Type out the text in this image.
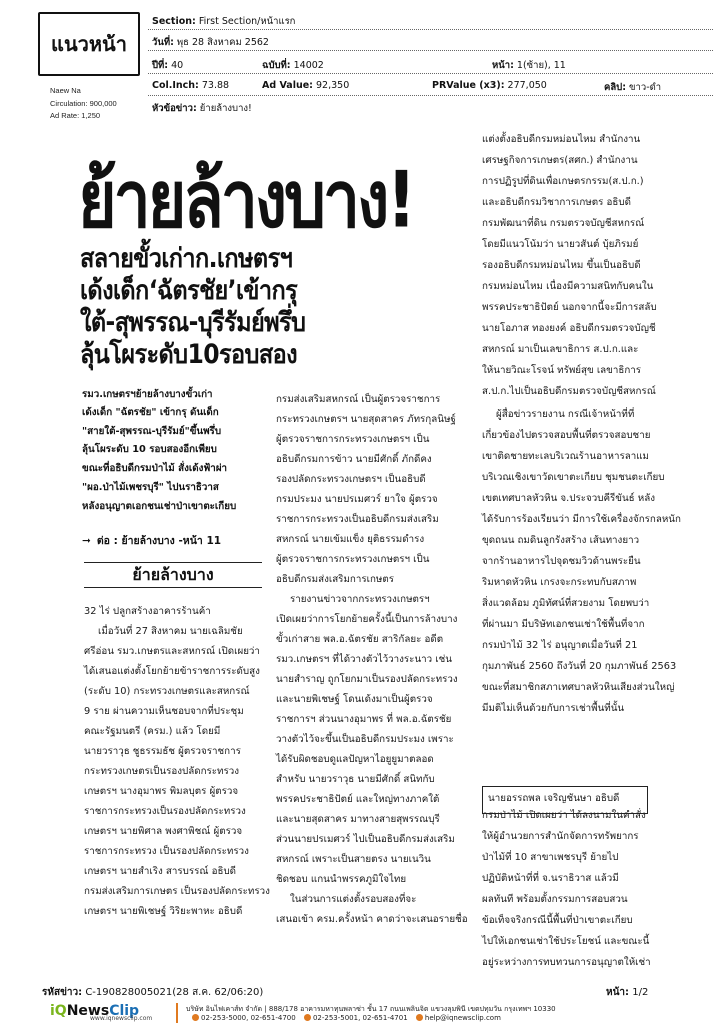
แนวหน้า
Naew Na
Circulation: 900,000
Ad Rate: 1,250
Section: First Section/หน้าแรก
วันที่: พุธ 28 สิงหาคม 2562
ปีที่: 40	ฉบับที่: 14002	หน้า: 1(ซ้าย), 11
Col.Inch: 73.88	Ad Value: 92,350	PRValue (x3): 277,050	คลิป: ขาว-ดำ
หัวข้อข่าว: ย้ายล้างบาง!
ย้ายล้างบาง!
สลายขั้วเก่าก.เกษตรฯ
เด้งเด็ก‘ฉัตรชัย’เข้ากรุ
ใต้-สุพรรณ-บุรีรัมย์พรึ่บ
ลุ้นโผระดับ10รอบสอง
รมว.เกษตรฯย้ายล้างบางขั้วเก่า
เด้งเด็ก "ฉัตรชัย" เข้ากรุ ดันเด็ก
"สายใต้-สุพรรณ-บุรีรัมย์"ขึ้นพรึ่บ
ลุ้นโผระดับ 10 รอบสองอีกเพียบ
ขณะที่อธิบดีกรมป่าไม้ สั่งเด้งฟ้าผ่า
"ผอ.ป่าไม้เพชรบุรี" ไปนราธิวาส
หลังอนุญาตเอกชนเช่าป่าเขาตะเกียบ
➞ ต่อ : ย้ายล้างบาง -หน้า 11
ย้ายล้างบาง
32 ไร่ ปลูกสร้างอาคารร้านค้า
เมื่อวันที่ 27 สิงหาคม นายเฉลิมชัย
ศรีอ่อน รมว.เกษตรและสหกรณ์ เปิดเผยว่า
ได้เสนอแต่งตั้งโยกย้ายข้าราชการระดับสูง
(ระดับ 10) กระทรวงเกษตรและสหกรณ์
9 ราย ผ่านความเห็นชอบจากที่ประชุม
คณะรัฐมนตรี (ครม.) แล้ว โดยมี
นายวราวุธ ชูธรรมธัช ผู้ตรวจราชการ
กระทรวงเกษตรเป็นรองปลัดกระทรวง
เกษตรฯ นางอุมาพร พิมลบุตร ผู้ตรวจ
ราชการกระทรวงเป็นรองปลัดกระทรวง
เกษตรฯ นายพิศาล พงศาพิชณ์ ผู้ตรวจ
ราชการกระทรวง เป็นรองปลัดกระทรวง
เกษตรฯ นายสำเริง สารบรรณ์ อธิบดี
กรมส่งเสริมการเกษตร เป็นรองปลัดกระทรวง
เกษตรฯ นายพิเชษฐ์ วิริยะพาหะ อธิบดี
กรมส่งเสริมสหกรณ์ เป็นผู้ตรวจราชการ
กระทรวงเกษตรฯ นายสุดสาคร ภัทรกุลนิษฐ์
ผู้ตรวจราชการกระทรวงเกษตรฯ เป็น
อธิบดีกรมการข้าว นายมีศักดิ์ ภักดีคง
รองปลัดกระทรวงเกษตรฯ เป็นอธิบดี
กรมประมง นายปรเมศวร์ ยาใจ ผู้ตรวจ
ราชการกระทรวงเป็นอธิบดีกรมส่งเสริม
สหกรณ์ นายเข้มแข็ง ยุติธรรมดำรง
ผู้ตรวจราชการกระทรวงเกษตรฯ เป็น
อธิบดีกรมส่งเสริมการเกษตร
รายงานข่าวจากกระทรวงเกษตรฯ
เปิดเผยว่าการโยกย้ายครั้งนี้เป็นการล้างบาง
ขั้วเก่าสาย พล.อ.ฉัตรชัย สาริกัลยะ อดีต
รมว.เกษตรฯ ที่ได้วางตัวไว้วางระนาว เช่น
นายสำราญ ถูกโยกมาเป็นรองปลัดกระทรวง
และนายพิเชษฐ์ โดนเด้งมาเป็นผู้ตรวจ
ราชการฯ ส่วนนางอุมาพร ที่ พล.อ.ฉัตรชัย
วางตัวไว้จะขึ้นเป็นอธิบดีกรมประมง เพราะ
ได้รับผิดชอบดูแลปัญหาไอยูยูมาตลอด
สำหรับ นายวราวุธ นายมีศักดิ์ สนิทกับ
พรรคประชาธิปัตย์ และใหญ่ทางภาคใต้
และนายสุดสาคร มาทางสายสุพรรณบุรี
ส่วนนายปรเมศวร์ ไปเป็นอธิบดีกรมส่งเสริม
สหกรณ์ เพราะเป็นสายตรง นายเนวิน
ชิดชอบ แกนนำพรรคภูมิใจไทย
ในส่วนการแต่งตั้งรอบสองที่จะ
เสนอเข้า ครม.ครั้งหน้า คาดว่าจะเสนอรายชื่อ
แต่งตั้งอธิบดีกรมหม่อนไหม สำนักงาน
เศรษฐกิจการเกษตร(สศก.) สำนักงาน
การปฏิรูปที่ดินเพื่อเกษตรกรรม(ส.ป.ก.)
และอธิบดีกรมวิชาการเกษตร อธิบดี
กรมพัฒนาที่ดิน กรมตรวจบัญชีสหกรณ์
โดยมีแนวโน้มว่า นายวสันต์ บุ้ยภิรมย์
รองอธิบดีกรมหม่อนไหม ขึ้นเป็นอธิบดี
กรมหม่อนไหม เนื่องมีความสนิทกับคนใน
พรรคประชาธิปัตย์ นอกจากนี้จะมีการสลับ
นายโอภาส ทองยงค์ อธิบดีกรมตรวจบัญชี
สหกรณ์ มาเป็นเลขาธิการ ส.ป.ก.และ
ให้นายวิณะโรจน์ ทรัพย์สุข เลขาธิการ
ส.ป.ก.ไปเป็นอธิบดีกรมตรวจบัญชีสหกรณ์
ผู้สื่อข่าวรายงาน กรณีเจ้าหน้าที่ที่
เกี่ยวข้องไปตรวจสอบพื้นที่ตรวจสอบชาย
เขาติดชายทะเลบริเวณร้านอาหารลาแม
บริเวณเชิงเขาวัดเขาตะเกียบ ชุมชนตะเกียบ
เขตเทศบาลหัวหิน จ.ประจวบคีรีขันธ์ หลัง
ได้รับการร้องเรียนว่า มีการใช้เครื่องจักรกลหนัก
ขุดถนน ถมดินลูกรังสร้าง เส้นทางยาว
จากร้านอาหารไปจุดชมวิวด้านพระยืน
ริมหาดหัวหิน เกรงจะกระทบกับสภาพ
สิ่งแวดล้อม ภูมิทัศน์ที่สวยงาม โดยพบว่า
ที่ผ่านมา มีบริษัทเอกชนเช่าใช้พื้นที่จาก
กรมป่าไม้ 32 ไร่ อนุญาตเมื่อวันที่ 21
กุมภาพันธ์ 2560 ถึงวันที่ 20 กุมภาพันธ์ 2563
ขณะที่สมาชิกสภาเทศบาลหัวหินเสียงส่วนใหญ่
มีมติไม่เห็นด้วยกับการเช่าพื้นที่นั้น
นายอรรถพล เจริญชันษา อธิบดี
กรมป่าไม้ เปิดเผยว่า ได้ลงนามในคำสั่ง
ให้ผู้อำนวยการสำนักจัดการทรัพยากร
ป่าไม้ที่ 10 สาขาเพชรบุรี ย้ายไป
ปฏิบัติหน้าที่ที่ จ.นราธิวาส แล้วมี
ผลทันที พร้อมตั้งกรรมการสอบสวน
ข้อเท็จจริงกรณีนี้พื้นที่ป่าเขาตะเกียบ
ไปให้เอกชนเช่าใช้ประโยชน์ และขณะนี้
อยู่ระหว่างการทบทวนการอนุญาตให้เช่า
รหัสข่าว: C-190828005021(28 ส.ค. 62/06:20)	หน้า: 1/2
iQNewsClip
www.iqnewsclip.com
บริษัท อินไฟเคาส์ท จำกัด | 888/178 อาคารมหาทุนพลาซ่า ชั้น 17 ถนนเพลินจิต แขวงลุมพินี เขตปทุมวัน กรุงเทพฯ 10330
02-253-5000, 02-651-4700 02-253-5001, 02-651-4701 help@iqnewsclip.com
